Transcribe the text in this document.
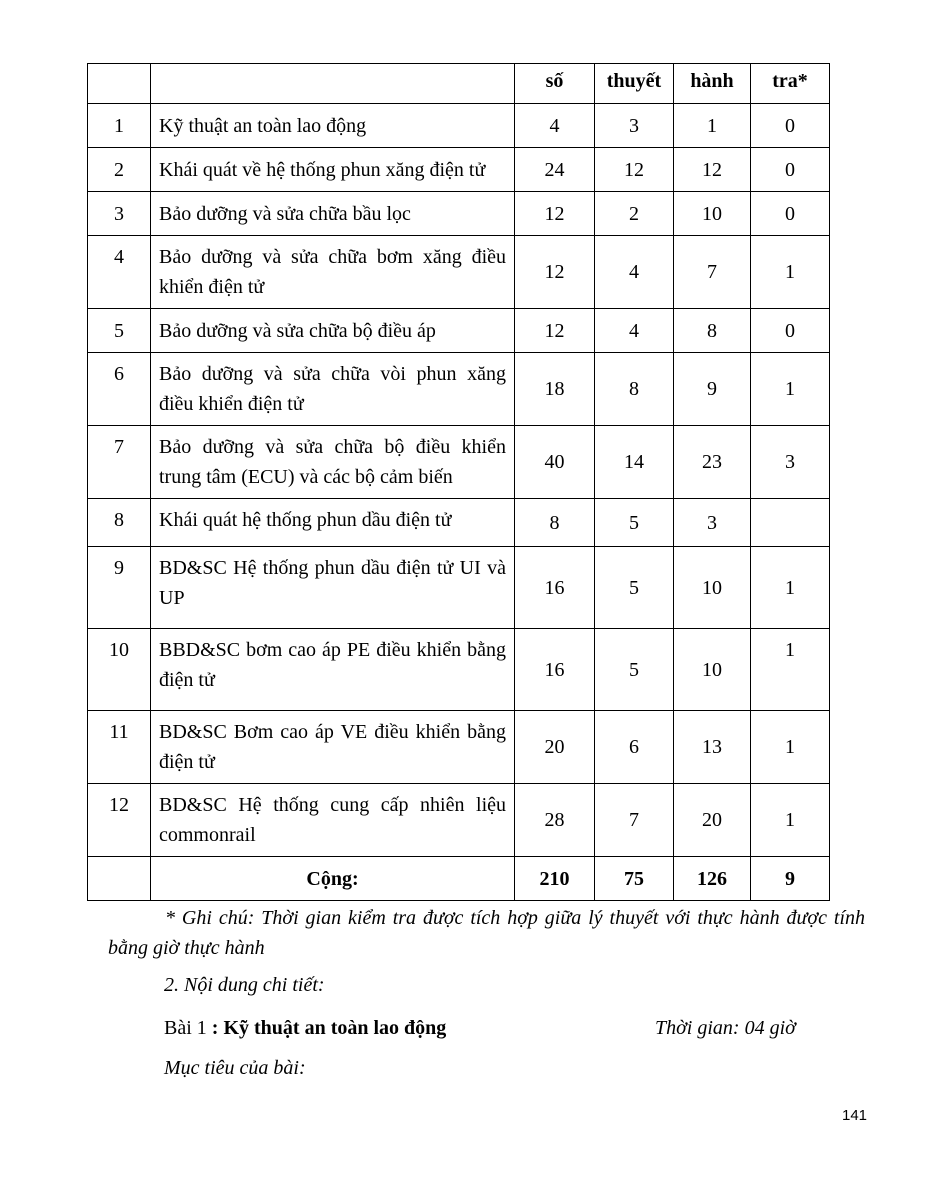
		số	thuyết	hành	tra*
1	Kỹ thuật an toàn lao động	4	3	1	0
2	Khái quát về hệ thống phun xăng điện tử	24	12	12	0
3	Bảo dưỡng và sửa chữa bầu lọc	12	2	10	0
4	Bảo dưỡng và sửa chữa bơm xăng điều khiển điện tử	12	4	7	1
5	Bảo dưỡng và sửa chữa bộ điều áp	12	4	8	0
6	Bảo dưỡng và sửa chữa vòi phun xăng điều khiển điện tử	18	8	9	1
7	Bảo dưỡng và sửa chữa bộ điều khiển trung tâm (ECU) và các bộ cảm biến	40	14	23	3
8	Khái quát hệ thống phun dầu điện tử	8	5	3	
9	BD&SC Hệ thống phun dầu điện tử UI và UP	16	5	10	1
10	BBD&SC bơm cao áp PE điều khiển bằng điện tử	16	5	10	1
11	BD&SC Bơm cao áp VE điều khiển bằng điện tử	20	6	13	1
12	BD&SC Hệ thống cung cấp nhiên liệu commonrail	28	7	20	1
	Cộng:	210	75	126	9
* Ghi chú: Thời gian kiểm tra được tích hợp giữa lý thuyết với thực hành được tính bằng giờ thực hành
2. Nội dung chi tiết:
Bài 1 : Kỹ thuật an toàn lao động	Thời gian: 04 giờ
Mục tiêu của bài:
141
